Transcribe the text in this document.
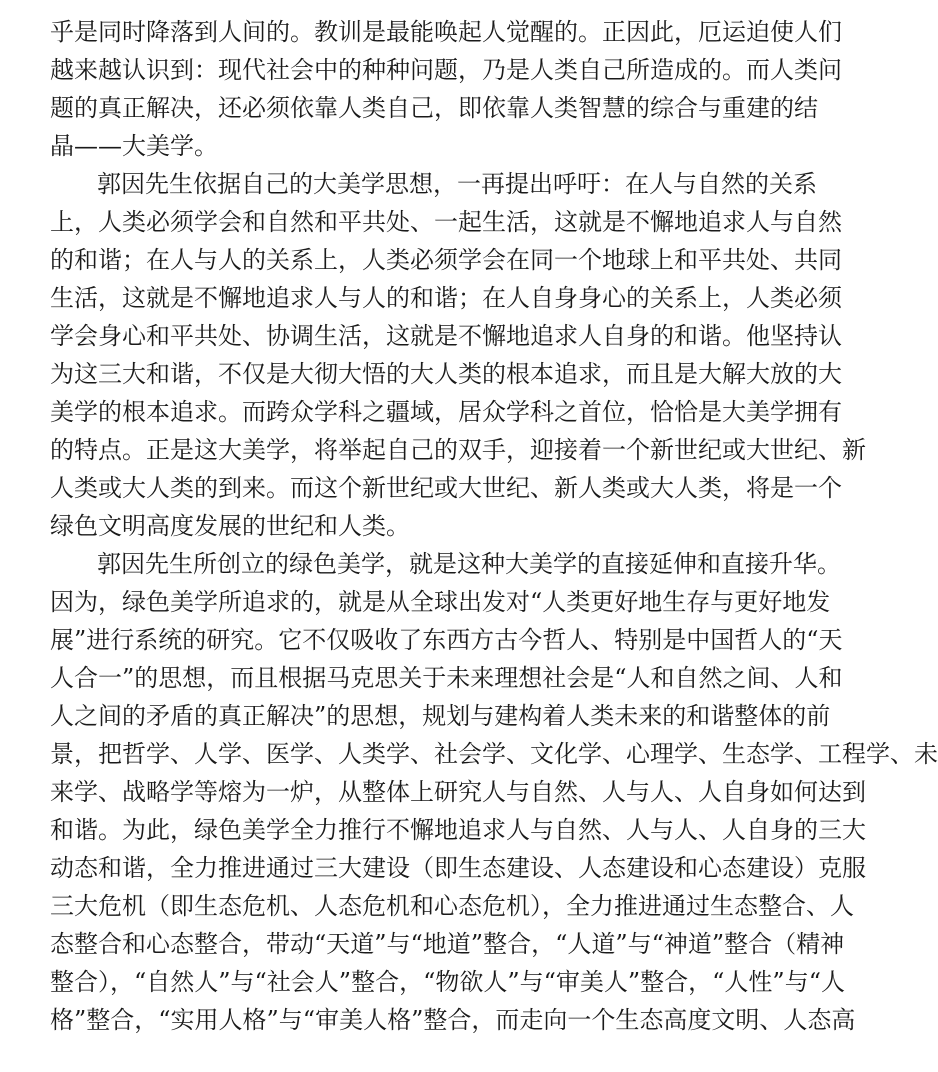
乎是同时降落到人间的。教训是最能唤起人觉醒的。正因此，厄运迫使人们
越来越认识到：现代社会中的种种问题，乃是人类自己所造成的。而人类问
题的真正解决，还必须依靠人类自己，即依靠人类智慧的综合与重建的结
晶——大美学。
郭因先生依据自己的大美学思想，一再提出呼吁：在人与自然的关系
上，人类必须学会和自然和平共处、一起生活，这就是不懈地追求人与自然
的和谐；在人与人的关系上，人类必须学会在同一个地球上和平共处、共同
生活，这就是不懈地追求人与人的和谐；在人自身身心的关系上，人类必须
学会身心和平共处、协调生活，这就是不懈地追求人自身的和谐。他坚持认
为这三大和谐，不仅是大彻大悟的大人类的根本追求，而且是大解大放的大
美学的根本追求。而跨众学科之疆域，居众学科之首位，恰恰是大美学拥有
的特点。正是这大美学，将举起自己的双手，迎接着一个新世纪或大世纪、新
人类或大人类的到来。而这个新世纪或大世纪、新人类或大人类，将是一个
绿色文明高度发展的世纪和人类。
郭因先生所创立的绿色美学，就是这种大美学的直接延伸和直接升华。
因为，绿色美学所追求的，就是从全球出发对“人类更好地生存与更好地发
展”进行系统的研究。它不仅吸收了东西方古今哲人、特别是中国哲人的“天
人合一”的思想，而且根据马克思关于未来理想社会是“人和自然之间、人和
人之间的矛盾的真正解决”的思想，规划与建构着人类未来的和谐整体的前
景，把哲学、人学、医学、人类学、社会学、文化学、心理学、生态学、工程学、未
来学、战略学等熔为一炉，从整体上研究人与自然、人与人、人自身如何达到
和谐。为此，绿色美学全力推行不懈地追求人与自然、人与人、人自身的三大
动态和谐，全力推进通过三大建设（即生态建设、人态建设和心态建设）克服
三大危机（即生态危机、人态危机和心态危机），全力推进通过生态整合、人
态整合和心态整合，带动“天道”与“地道”整合，“人道”与“神道”整合（精神
整合），“自然人”与“社会人”整合，“物欲人”与“审美人”整合，“人性”与“人
格”整合，“实用人格”与“审美人格”整合，而走向一个生态高度文明、人态高
